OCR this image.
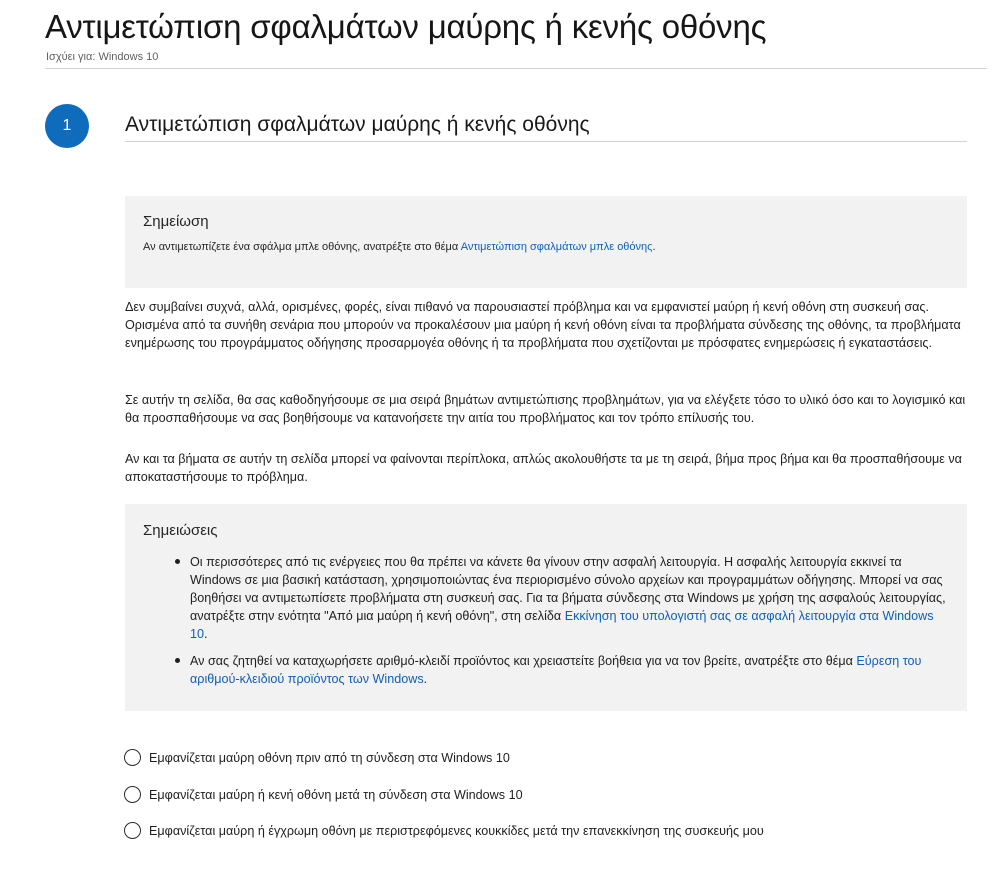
Αντιμετώπιση σφαλμάτων μαύρης ή κενής οθόνης
Ισχύει για: Windows 10
1	Αντιμετώπιση σφαλμάτων μαύρης ή κενής οθόνης
Σημείωση
Αν αντιμετωπίζετε ένα σφάλμα μπλε οθόνης, ανατρέξτε στο θέμα Αντιμετώπιση σφαλμάτων μπλε οθόνης.

Δεν συμβαίνει συχνά, αλλά, ορισμένες, φορές, είναι πιθανό να παρουσιαστεί πρόβλημα και να εμφανιστεί μαύρη ή κενή οθόνη στη συσκευή σας. Ορισμένα από τα συνήθη σενάρια που μπορούν να προκαλέσουν μια μαύρη ή κενή οθόνη είναι τα προβλήματα σύνδεσης της οθόνης, τα προβλήματα ενημέρωσης του προγράμματος οδήγησης προσαρμογέα οθόνης ή τα προβλήματα που σχετίζονται με πρόσφατες ενημερώσεις ή εγκαταστάσεις.

Σε αυτήν τη σελίδα, θα σας καθοδηγήσουμε σε μια σειρά βημάτων αντιμετώπισης προβλημάτων, για να ελέγξετε τόσο το υλικό όσο και το λογισμικό και θα προσπαθήσουμε να σας βοηθήσουμε να κατανοήσετε την αιτία του προβλήματος και τον τρόπο επίλυσής του.

Αν και τα βήματα σε αυτήν τη σελίδα μπορεί να φαίνονται περίπλοκα, απλώς ακολουθήστε τα με τη σειρά, βήμα προς βήμα και θα προσπαθήσουμε να αποκαταστήσουμε το πρόβλημα.

Σημειώσεις
Οι περισσότερες από τις ενέργειες που θα πρέπει να κάνετε θα γίνουν στην ασφαλή λειτουργία. Η ασφαλής λειτουργία εκκινεί τα Windows σε μια βασική κατάσταση, χρησιμοποιώντας ένα περιορισμένο σύνολο αρχείων και προγραμμάτων οδήγησης. Μπορεί να σας βοηθήσει να αντιμετωπίσετε προβλήματα στη συσκευή σας. Για τα βήματα σύνδεσης στα Windows με χρήση της ασφαλούς λειτουργίας, ανατρέξτε στην ενότητα "Από μια μαύρη ή κενή οθόνη", στη σελίδα Εκκίνηση του υπολογιστή σας σε ασφαλή λειτουργία στα Windows 10.
Αν σας ζητηθεί να καταχωρήσετε αριθμό-κλειδί προϊόντος και χρειαστείτε βοήθεια για να τον βρείτε, ανατρέξτε στο θέμα Εύρεση του αριθμού-κλειδιού προϊόντος των Windows.
Εμφανίζεται μαύρη οθόνη πριν από τη σύνδεση στα Windows 10
Εμφανίζεται μαύρη ή κενή οθόνη μετά τη σύνδεση στα Windows 10
Εμφανίζεται μαύρη ή έγχρωμη οθόνη με περιστρεφόμενες κουκκίδες μετά την επανεκκίνηση της συσκευής μου
